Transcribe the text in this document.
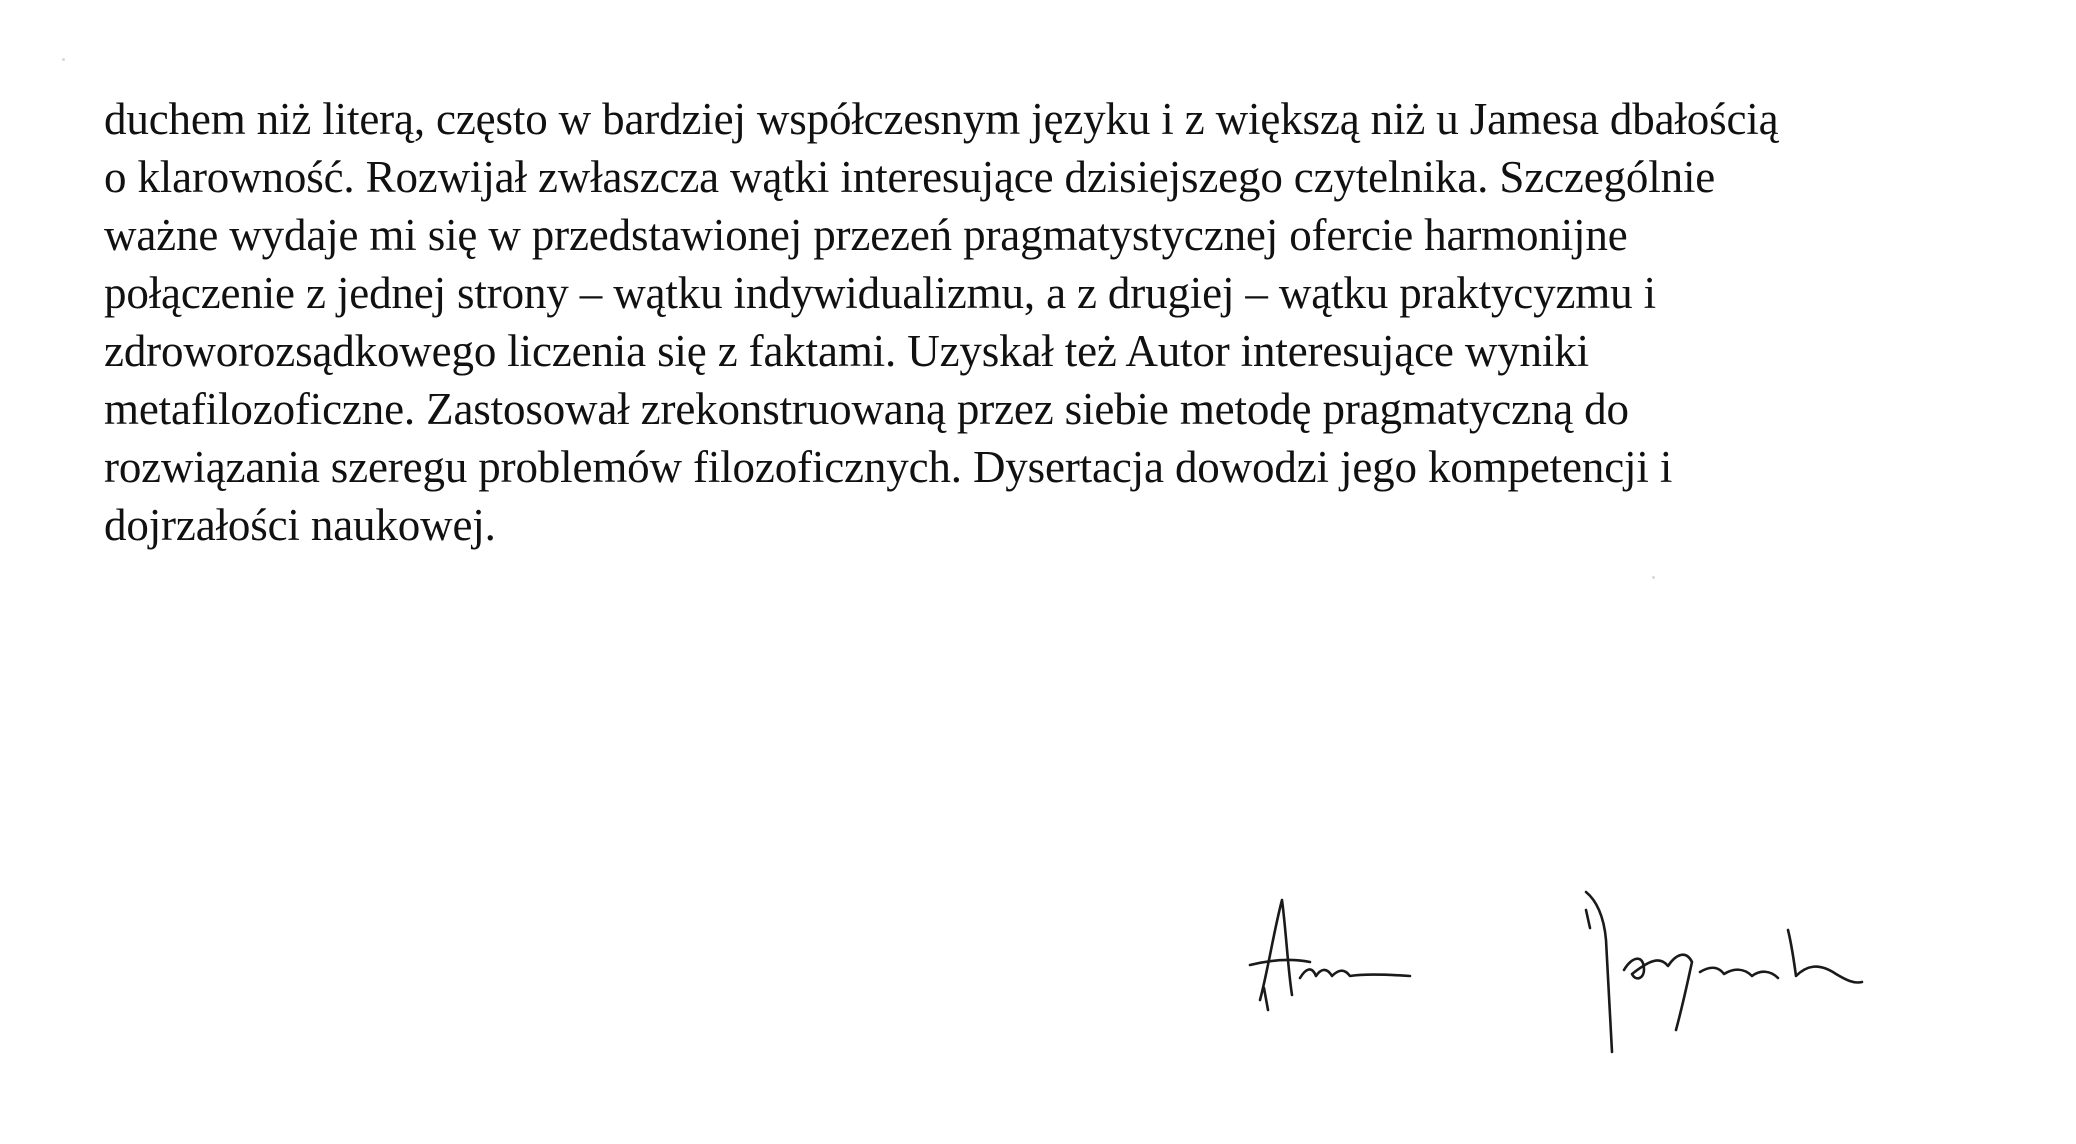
duchem niż literą, często w bardziej współczesnym języku i z większą niż u Jamesa dbałością
o klarowność. Rozwijał zwłaszcza wątki interesujące dzisiejszego czytelnika. Szczególnie
ważne wydaje mi się w przedstawionej przezeń pragmatystycznej ofercie harmonijne
połączenie z jednej strony – wątku indywidualizmu, a z drugiej – wątku praktycyzmu i
zdroworozsądkowego liczenia się z faktami. Uzyskał też Autor interesujące wyniki
metafilozoficzne. Zastosował zrekonstruowaną przez siebie metodę pragmatyczną do
rozwiązania szeregu problemów filozoficznych. Dysertacja dowodzi jego kompetencji i
dojrzałości naukowej.
